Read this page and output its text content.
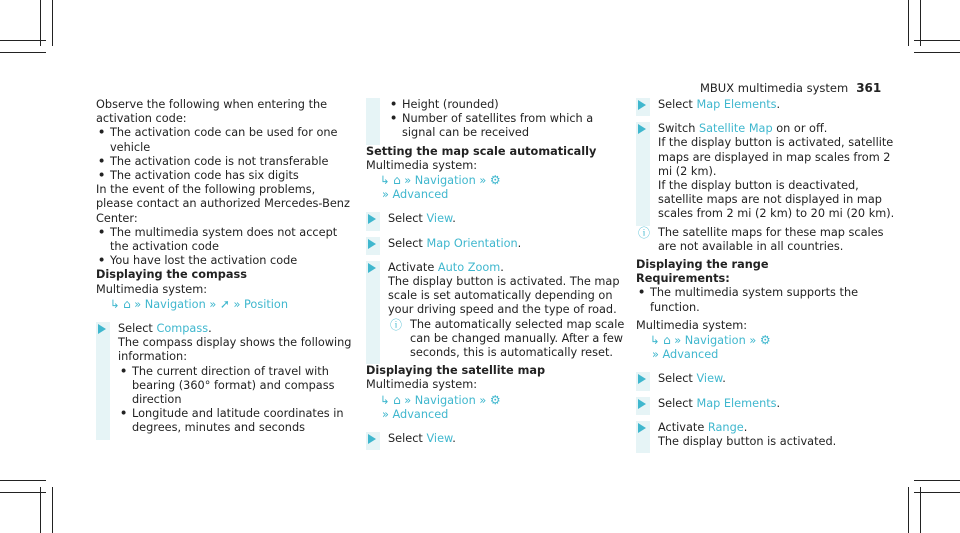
MBUX multimedia system 361

Observe the following when entering the activation code:

• The activation code can be used for one vehicle

• The activation code is not transferable

• The activation code has six digits

In the event of the following problems, please contact an authorized Mercedes-Benz Center:

• The multimedia system does not accept the activation code

• You have lost the activation code

Displaying the compass

Multimedia system:

↳ ⌂ » Navigation » ➚ » Position

Select Compass.

The compass display shows the following information:

• The current direction of travel with bearing (360° format) and compass direction

• Longitude and latitude coordinates in degrees, minutes and seconds

• Height (rounded)

• Number of satellites from which a signal can be received

Setting the map scale automatically

Multimedia system:

↳ ⌂ » Navigation » ⚙

» Advanced

Select View.

Select Map Orientation.

Activate Auto Zoom.

The display button is activated. The map scale is set automatically depending on your driving speed and the type of road.

ⓘ The automatically selected map scale can be changed manually. After a few seconds, this is automatically reset.

Displaying the satellite map

Multimedia system:

↳ ⌂ » Navigation » ⚙

» Advanced

Select View.

Select Map Elements.

Switch Satellite Map on or off.

If the display button is activated, satellite maps are displayed in map scales from 2 mi (2 km).

If the display button is deactivated, satellite maps are not displayed in map scales from 2 mi (2 km) to 20 mi (20 km).

ⓘ The satellite maps for these map scales are not available in all countries.

Displaying the range

Requirements:

• The multimedia system supports the function.

Multimedia system:

↳ ⌂ » Navigation » ⚙

» Advanced

Select View.

Select Map Elements.

Activate Range.

The display button is activated.
